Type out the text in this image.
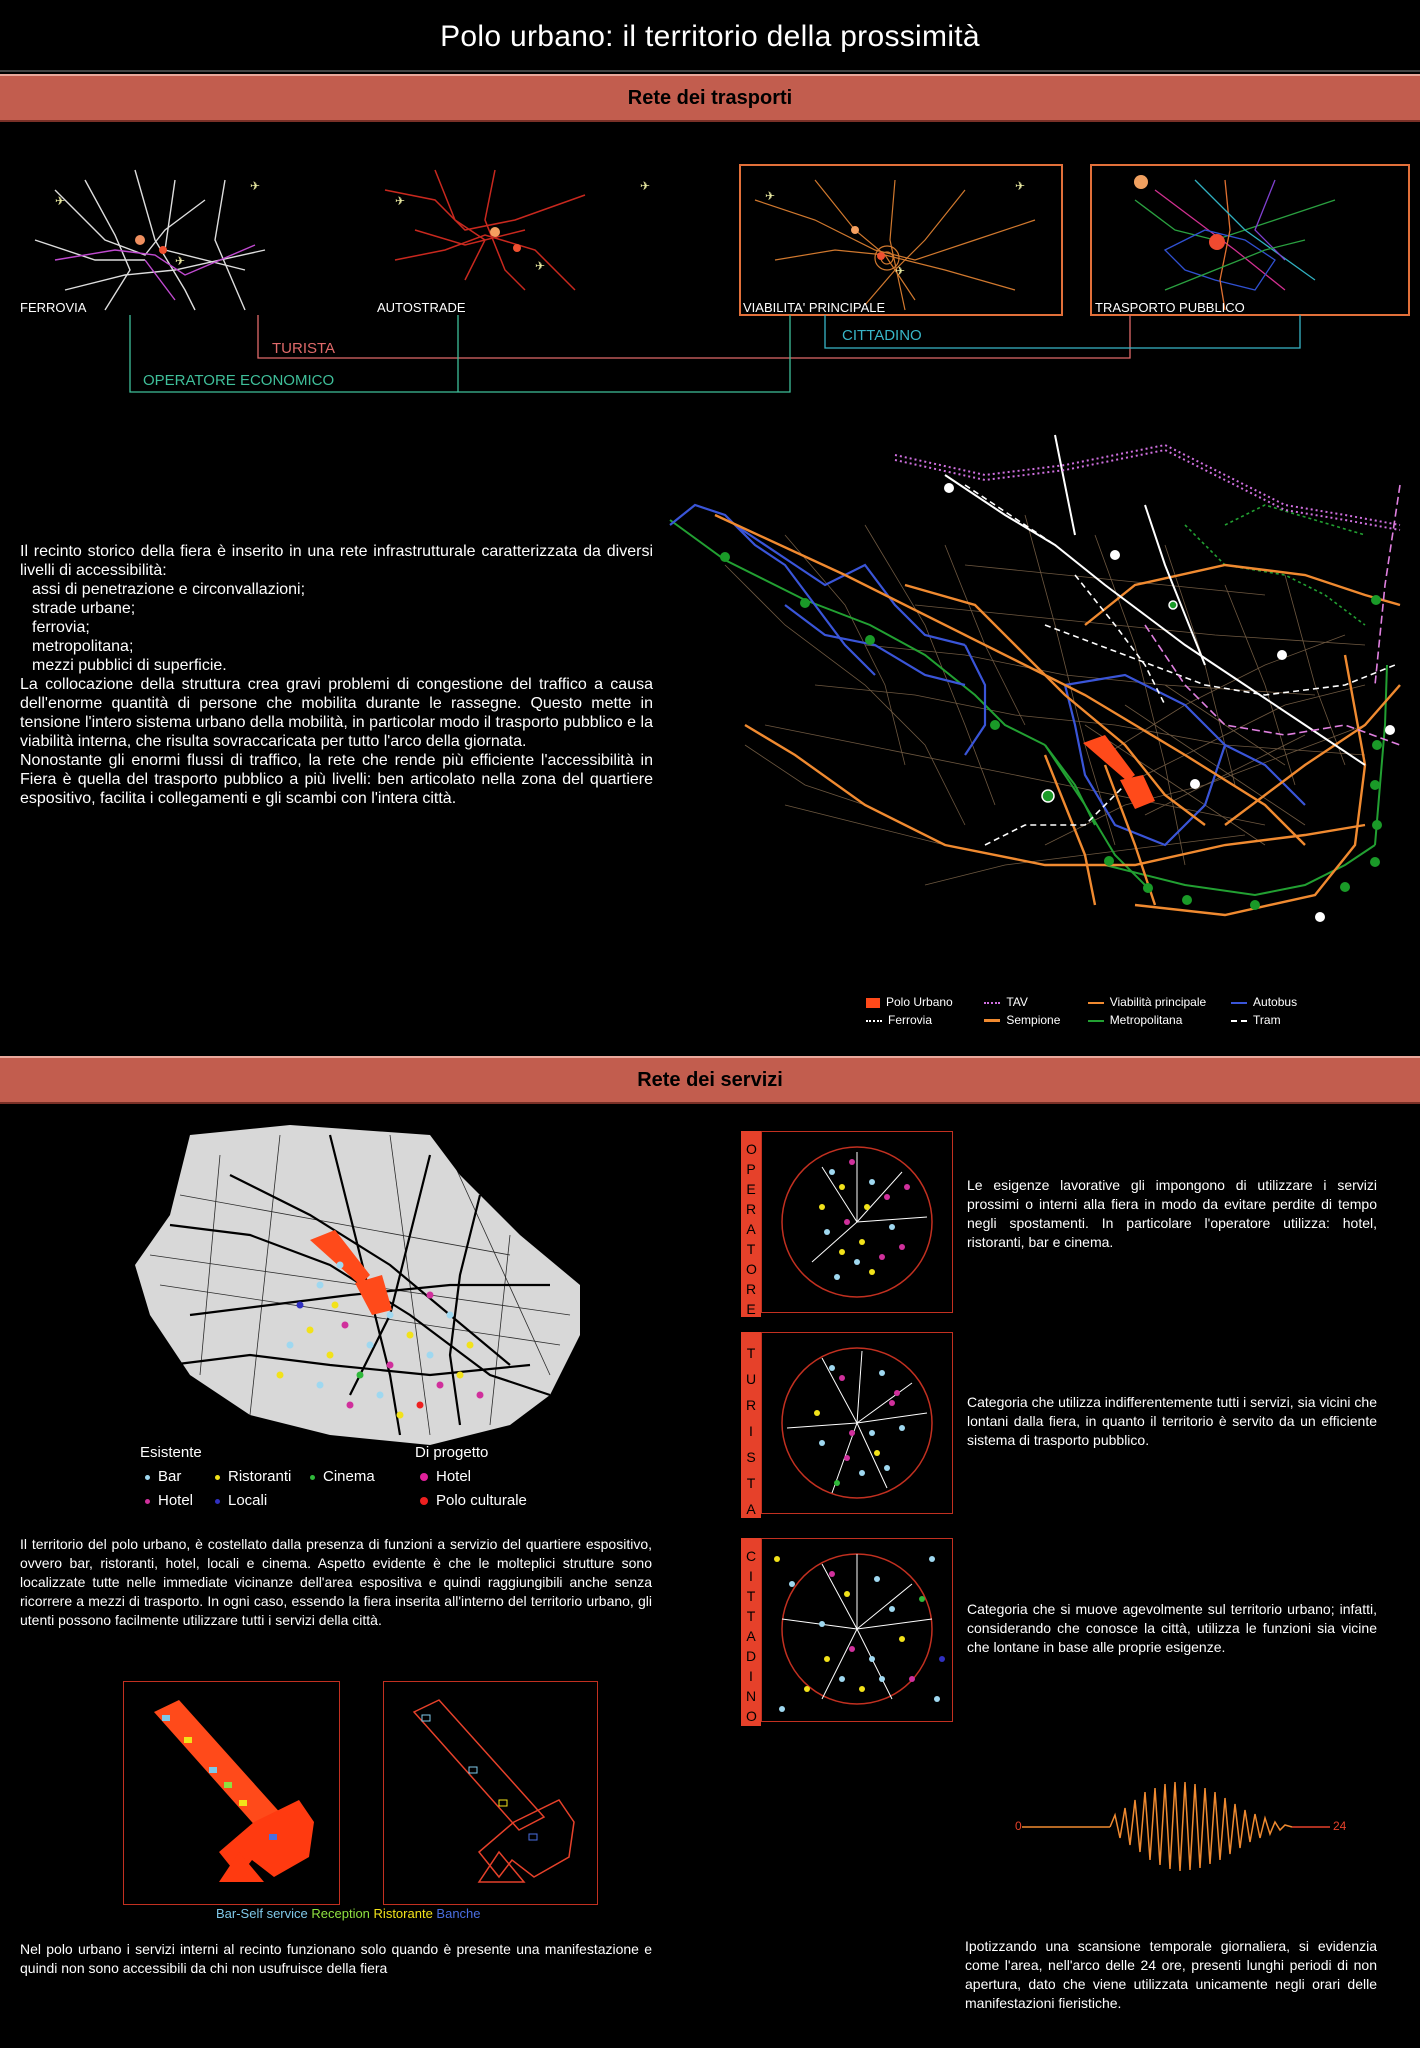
Polo urbano: il territorio della prossimità
Rete dei trasporti
✈
✈
✈
✈
✈
✈
✈
✈
✈
FERROVIA	AUTOSTRADE	VIABILITA' PRINCIPALE	TRASPORTO PUBBLICO
TURISTA
CITTADINO
OPERATORE ECONOMICO
Il recinto storico della fiera è inserito in una rete infrastrutturale caratterizzata da diversi livelli di accessibilità:
assi di penetrazione e circonvallazioni;
strade urbane;
ferrovia;
metropolitana;
mezzi pubblici di superficie.
La collocazione della struttura crea gravi problemi di congestione del traffico a causa dell'enorme quantità di persone che mobilita durante le rassegne. Questo mette in tensione l'intero sistema urbano della mobilità, in particolar modo il trasporto pubblico e la viabilità interna, che risulta sovraccaricata per tutto l'arco della giornata.
Nonostante gli enormi flussi di traffico, la rete che rende più efficiente l'accessibilità in Fiera è quella del trasporto pubblico a più livelli: ben articolato nella zona del quartiere espositivo, facilita i collegamenti e gli scambi con l'intera città.
Polo Urbano	TAV	Viabilità principale	Autobus
Ferrovia	Sempione	Metropolitana	Tram
Rete dei servizi
Esistente	Di progetto
Bar	Ristoranti	Cinema
Hotel	Locali
Hotel
Polo culturale
Il territorio del polo urbano, è costellato dalla presenza di funzioni a servizio del quartiere espositivo, ovvero bar, ristoranti, hotel, locali e cinema. Aspetto evidente è che le molteplici strutture sono localizzate tutte nelle immediate vicinanze dell'area espositiva e quindi raggiungibili anche senza ricorrere a mezzi di trasporto. In ogni caso, essendo la fiera inserita all'interno del territorio urbano, gli utenti possono facilmente utilizzare tutti i servizi della città.
Bar-Self service Reception Ristorante Banche
Nel polo urbano i servizi interni al recinto funzionano solo quando è presente una manifestazione e quindi non sono accessibili da chi non usufruisce della fiera
OPERATORE
Le esigenze lavorative gli impongono di utilizzare i servizi prossimi o interni alla fiera in modo da evitare perdite di tempo negli spostamenti. In particolare l'operatore utilizza: hotel, ristoranti, bar e cinema.
TURISTA
Categoria che utilizza indifferentemente tutti i servizi, sia vicini che lontani dalla fiera, in quanto il territorio è servito da un efficiente sistema di trasporto pubblico.
CITTADINO
Categoria che si muove agevolmente sul territorio urbano; infatti, considerando che conosce la città, utilizza le funzioni sia vicine che lontane in base alle proprie esigenze.
0	24
Ipotizzando una scansione temporale giornaliera, si evidenzia come l'area, nell'arco delle 24 ore, presenti lunghi periodi di non apertura, dato che viene utilizzata unicamente negli orari delle manifestazioni fieristiche.
